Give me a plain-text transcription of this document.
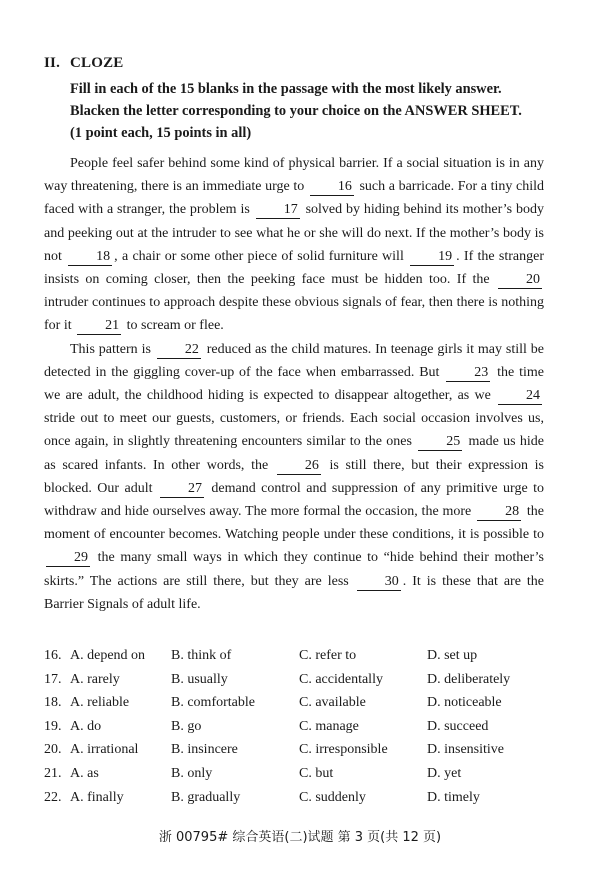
II. CLOZE
Fill in each of the 15 blanks in the passage with the most likely answer.
Blacken the letter corresponding to your choice on the ANSWER SHEET.
(1 point each, 15 points in all)

People feel safer behind some kind of physical barrier. If a social situation is in any way threatening, there is an immediate urge to 16 such a barricade. For a tiny child faced with a stranger, the problem is 17 solved by hiding behind its mother’s body and peeking out at the intruder to see what he or she will do next. If the mother’s body is not 18 , a chair or some other piece of solid furniture will 19 . If the stranger insists on coming closer, then the peeking face must be hidden too. If the	20 intruder continues to approach despite these obvious signals of fear, then there is nothing for it 21 to scream or flee.

This pattern is 22 reduced as the child matures. In teenage girls it may still be detected in the giggling cover-up of the face when embarrassed. But 23 the time we are adult, the childhood hiding is expected to disappear altogether, as we	24 stride out to meet our guests, customers, or friends. Each social occasion involves us, once again, in slightly threatening encounters similar to the ones 25 made us hide as scared infants. In other words, the	26 is still there, but their expression is blocked. Our adult	27 demand control and suppression of any primitive urge to withdraw and hide ourselves away. The more formal the occasion, the more 28 the moment of encounter becomes. Watching people under these conditions, it is possible to 29 the many small ways in which they continue to “hide behind their mother’s skirts.” The actions are still there, but they are less	30 . It is these that are the Barrier Signals of adult life.

16. A. depend on B. think of	C. refer to	D. set up
17. A. rarely	B. usually	C. accidentally	D. deliberately
18. A. reliable	B. comfortable	C. available	D. noticeable
19. A. do	B. go	C. manage	D. succeed
20. A. irrational B. insincere	C. irresponsible	D. insensitive
21. A. as	B. only	C. but	D. yet
22. A. finally	B. gradually	C. suddenly	D. timely
浙 00795# 综合英语(二)试题 第 3 页(共 12 页)
